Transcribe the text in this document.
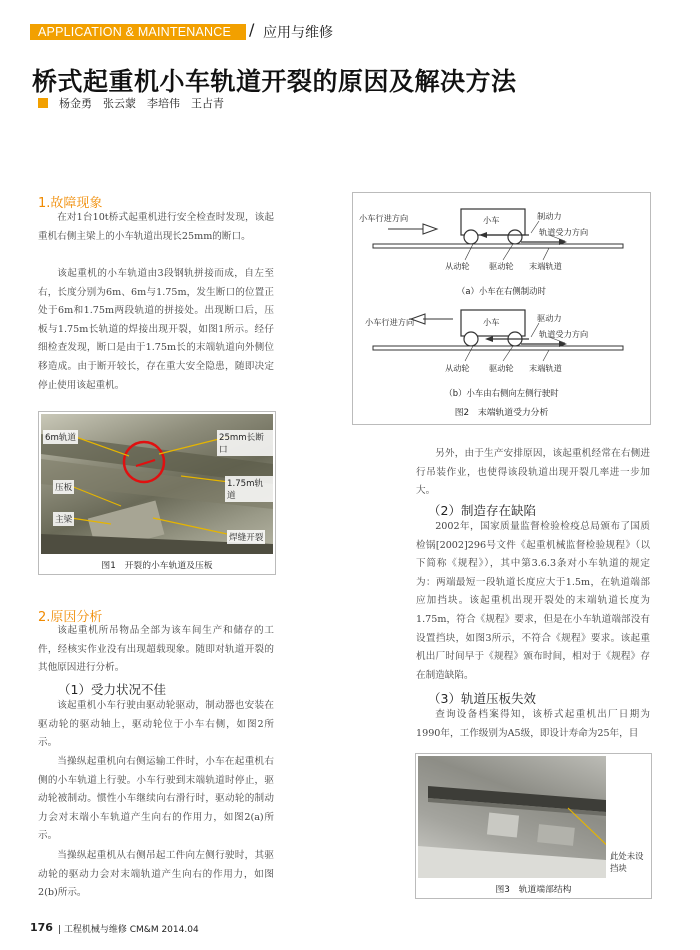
APPLICATION & MAINTENANCE / 应用与维修
桥式起重机小车轨道开裂的原因及解决方法
杨金勇　张云蒙　李培伟　王占青
1.故障现象
在对1台10t桥式起重机进行安全检查时发现，该起重机右侧主梁上的小车轨道出现长25mm的断口。
该起重机的小车轨道由3段钢轨拼接而成，自左至右，长度分别为6m、6m与1.75m，发生断口的位置正处于6m和1.75m两段轨道的拼接处。出现断口后，压板与1.75m长轨道的焊接出现开裂，如图1所示。经仔细检查发现，断口是由于1.75m长的末端轨道向外侧位移造成。由于断开较长，存在重大安全隐患，随即决定停止使用该起重机。
6m轨道	25mm长断口
1.75m轨道
压板
主梁
焊缝开裂
图1　开裂的小车轨道及压板
2.原因分析
该起重机所吊物品全部为该车间生产和储存的工件，经核实作业没有出现超载现象。随即对轨道开裂的其他原因进行分析。
（1）受力状况不佳
该起重机小车行驶由驱动轮驱动，制动器也安装在驱动轮的驱动轴上，驱动轮位于小车右侧，如图2所示。
当操纵起重机向右侧运输工件时，小车在起重机右侧的小车轨道上行驶。小车行驶到末端轨道时停止，驱动轮被制动。惯性小车继续向右滑行时，驱动轮的制动力会对末端小车轨道产生向右的作用力，如图2(a)所示。
当操纵起重机从右侧吊起工件向左侧行驶时，其驱动轮的驱动力会对末端轨道产生向右的作用力，如图2(b)所示。
小车行进方向	小车	制动力
轨道受力方向
从动轮 驱动轮 末端轨道
（a）小车在右侧制动时
小车行进方向	小车	驱动力
轨道受力方向
从动轮 驱动轮 末端轨道
（b）小车由右侧向左侧行驶时
图2　末端轨道受力分析
另外，由于生产安排原因，该起重机经常在右侧进行吊装作业，也使得该段轨道出现开裂几率进一步加大。
（2）制造存在缺陷
2002年，国家质量监督检验检疫总局颁布了国质检锅[2002]296号文件《起重机械监督检验规程》（以下简称《规程》），其中第3.6.3条对小车轨道的规定为：两端最短一段轨道长度应大于1.5m，在轨道端部应加挡块。该起重机出现开裂处的末端轨道长度为1.75m，符合《规程》要求，但是在小车轨道端部没有设置挡块，如图3所示，不符合《规程》要求。该起重机出厂时间早于《规程》颁布时间，相对于《规程》存在制造缺陷。
（3）轨道压板失效
查询设备档案得知，该桥式起重机出厂日期为1990年，工作级别为A5级，即设计寿命为25年，目
此处未设挡块
图3　轨道端部结构
176 | 工程机械与维修 CM&M 2014.04
